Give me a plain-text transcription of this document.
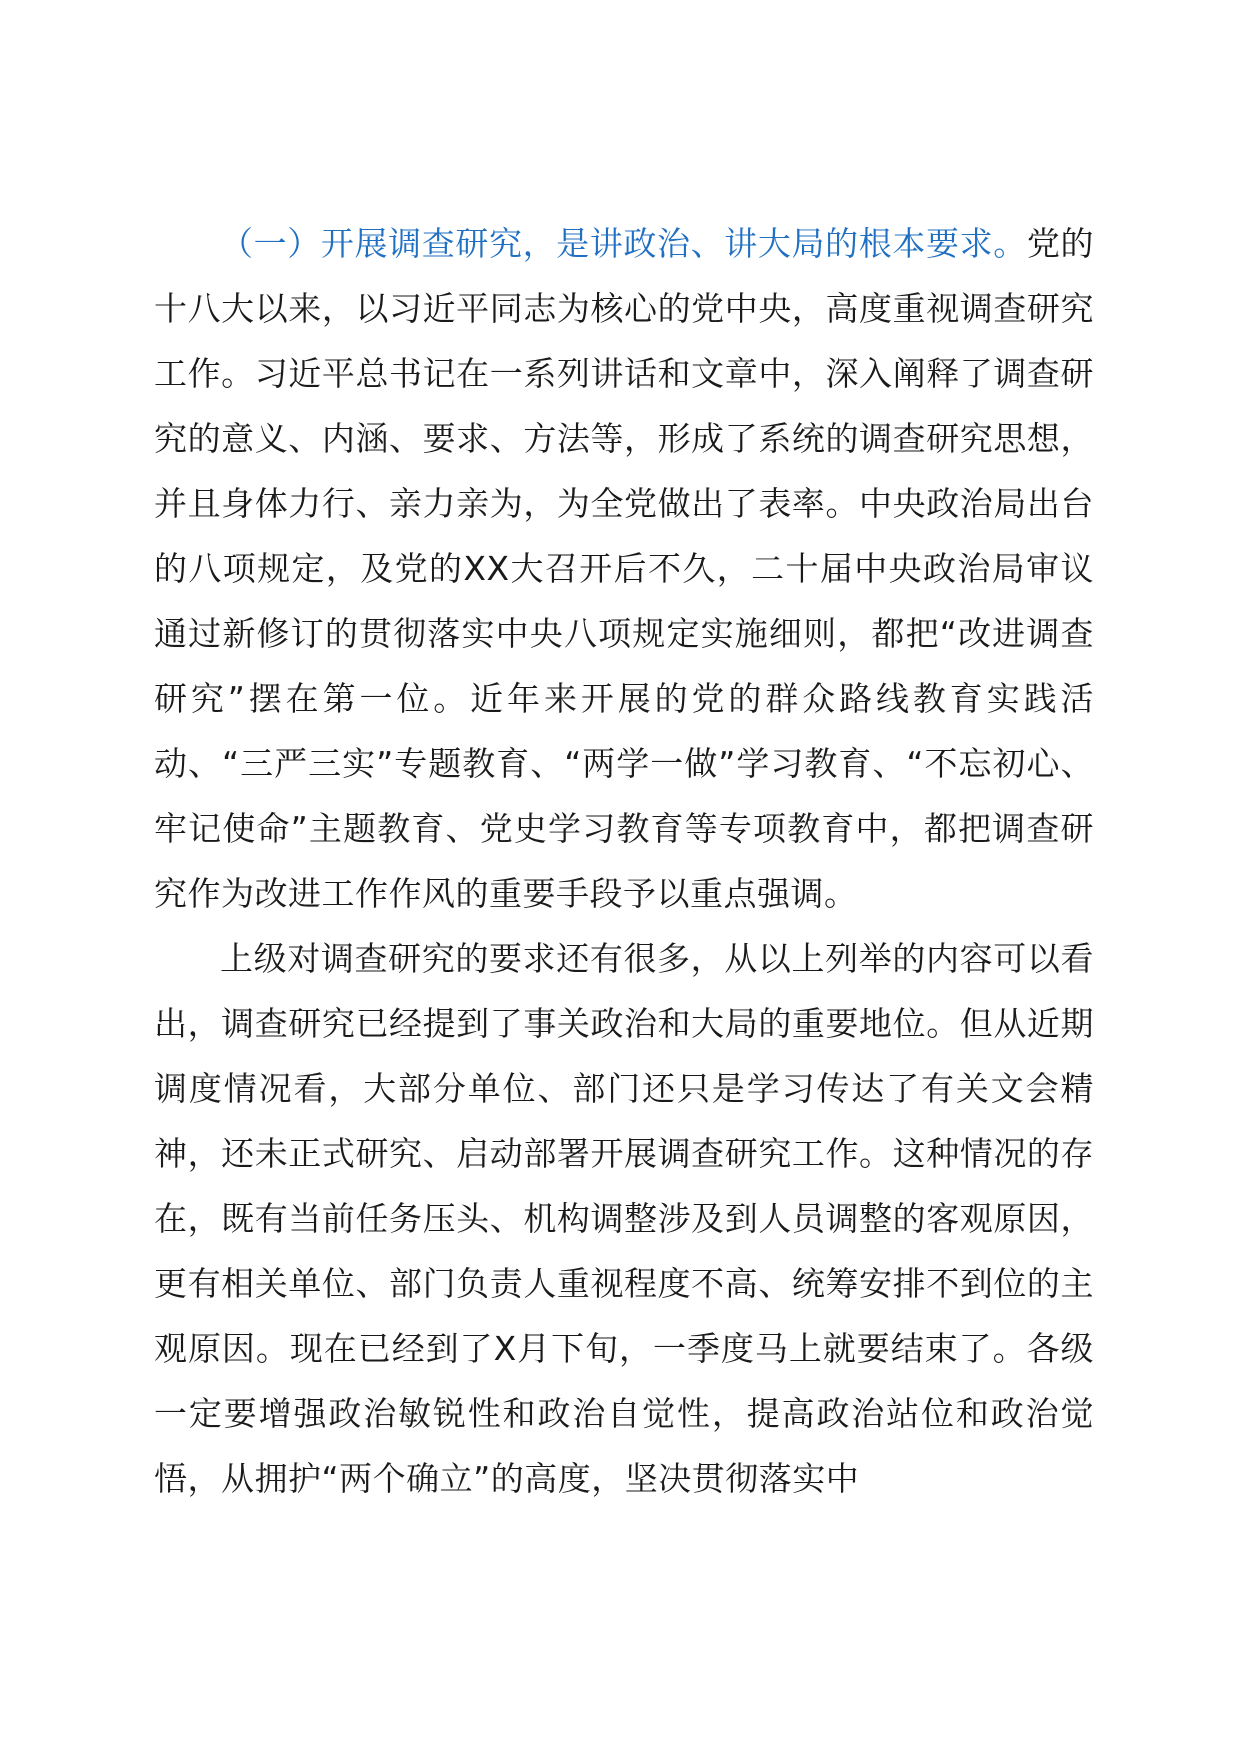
（一）开展调查研究，是讲政治、讲大局的根本要求。党的十八大以来，以习近平同志为核心的党中央，高度重视调查研究工作。习近平总书记在一系列讲话和文章中，深入阐释了调查研究的意义、内涵、要求、方法等，形成了系统的调查研究思想，并且身体力行、亲力亲为，为全党做出了表率。中央政治局出台的八项规定，及党的XX大召开后不久，二十届中央政治局审议通过新修订的贯彻落实中央八项规定实施细则，都把“改进调查研究”摆在第一位。近年来开展的党的群众路线教育实践活动、“三严三实”专题教育、“两学一做”学习教育、“不忘初心、牢记使命”主题教育、党史学习教育等专项教育中，都把调查研究作为改进工作作风的重要手段予以重点强调。

上级对调查研究的要求还有很多，从以上列举的内容可以看出，调查研究已经提到了事关政治和大局的重要地位。但从近期调度情况看，大部分单位、部门还只是学习传达了有关文会精神，还未正式研究、启动部署开展调查研究工作。这种情况的存在，既有当前任务压头、机构调整涉及到人员调整的客观原因，更有相关单位、部门负责人重视程度不高、统筹安排不到位的主观原因。现在已经到了X月下旬，一季度马上就要结束了。各级一定要增强政治敏锐性和政治自觉性，提高政治站位和政治觉悟，从拥护“两个确立”的高度，坚决贯彻落实中
